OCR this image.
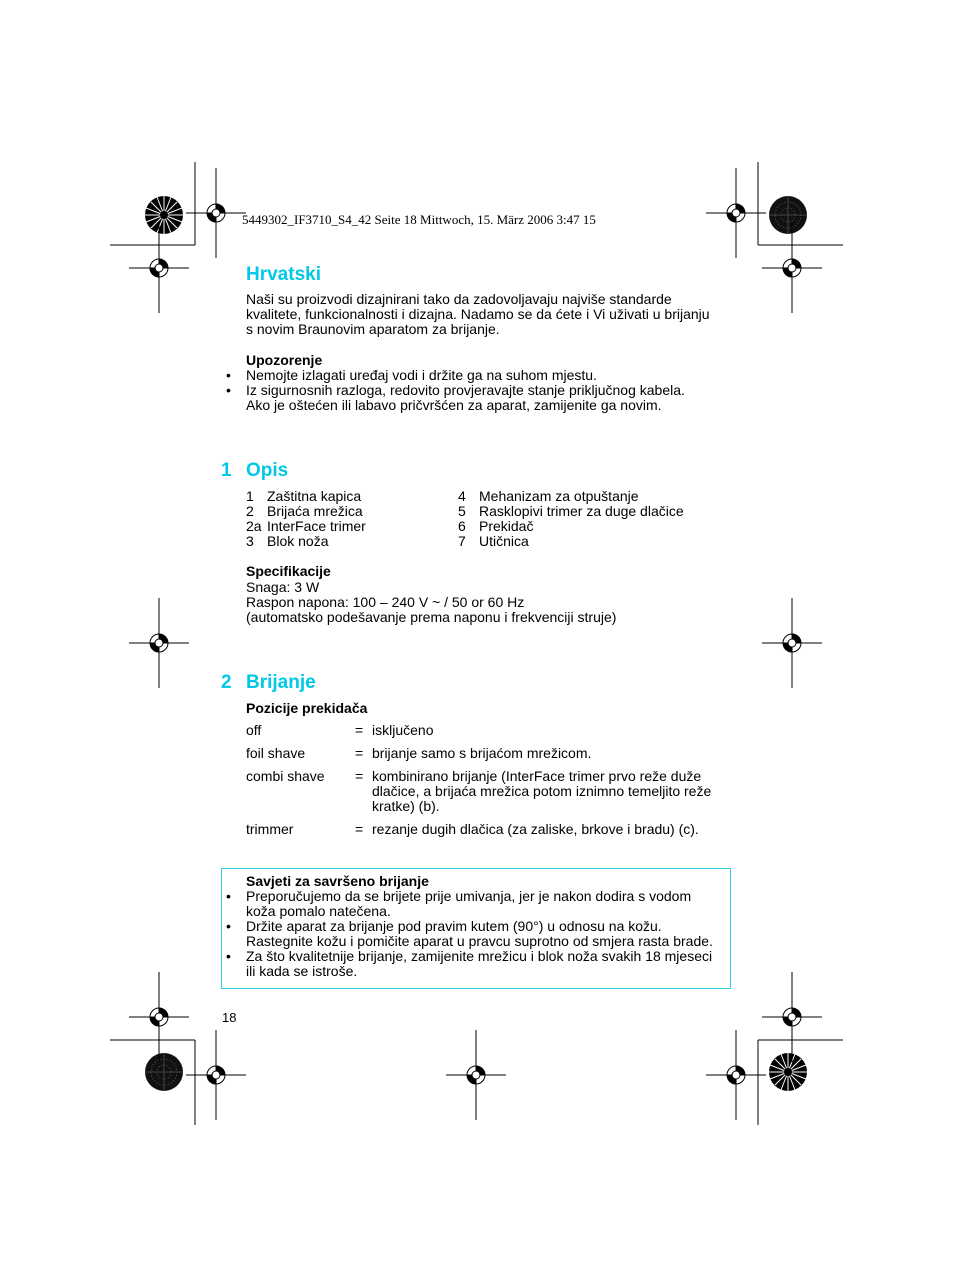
5449302_IF3710_S4_42 Seite 18 Mittwoch, 15. März 2006 3:47 15
Hrvatski
Naši su proizvodi dizajnirani tako da zadovoljavaju najviše standarde
kvalitete, funkcionalnosti i dizajna. Nadamo se da ćete i Vi uživati u brijanju
s novim Braunovim aparatom za brijanje.
Upozorenje
• Nemojte izlagati uređaj vodi i držite ga na suhom mjestu.
• Iz sigurnosnih razloga, redovito provjeravajte stanje priključnog kabela.
Ako je oštećen ili labavo pričvršćen za aparat, zamijenite ga novim.
1 Opis
1 Zaštitna kapica
2 Brijaća mrežica
2a InterFace trimer
3 Blok noža
4 Mehanizam za otpuštanje
5 Rasklopivi trimer za duge dlačice
6 Prekidač
7 Utičnica
Specifikacije
Snaga: 3 W
Raspon napona: 100 – 240 V ~ / 50 or 60 Hz
(automatsko podešavanje prema naponu i frekvenciji struje)
2 Brijanje
Pozicije prekidača
off	= isključeno
foil shave	= brijanje samo s brijaćom mrežicom.
combi shave = kombinirano brijanje (InterFace trimer prvo reže duže
dlačice, a brijaća mrežica potom iznimno temeljito reže
kratke) (b).
trimmer	= rezanje dugih dlačica (za zaliske, brkove i bradu) (c).
Savjeti za savršeno brijanje
• Preporučujemo da se brijete prije umivanja, jer je nakon dodira s vodom
koža pomalo natečena.
• Držite aparat za brijanje pod pravim kutem (90°) u odnosu na kožu.
Rastegnite kožu i pomičite aparat u pravcu suprotno od smjera rasta brade.
• Za što kvalitetnije brijanje, zamijenite mrežicu i blok noža svakih 18 mjeseci
ili kada se istroše.
18
